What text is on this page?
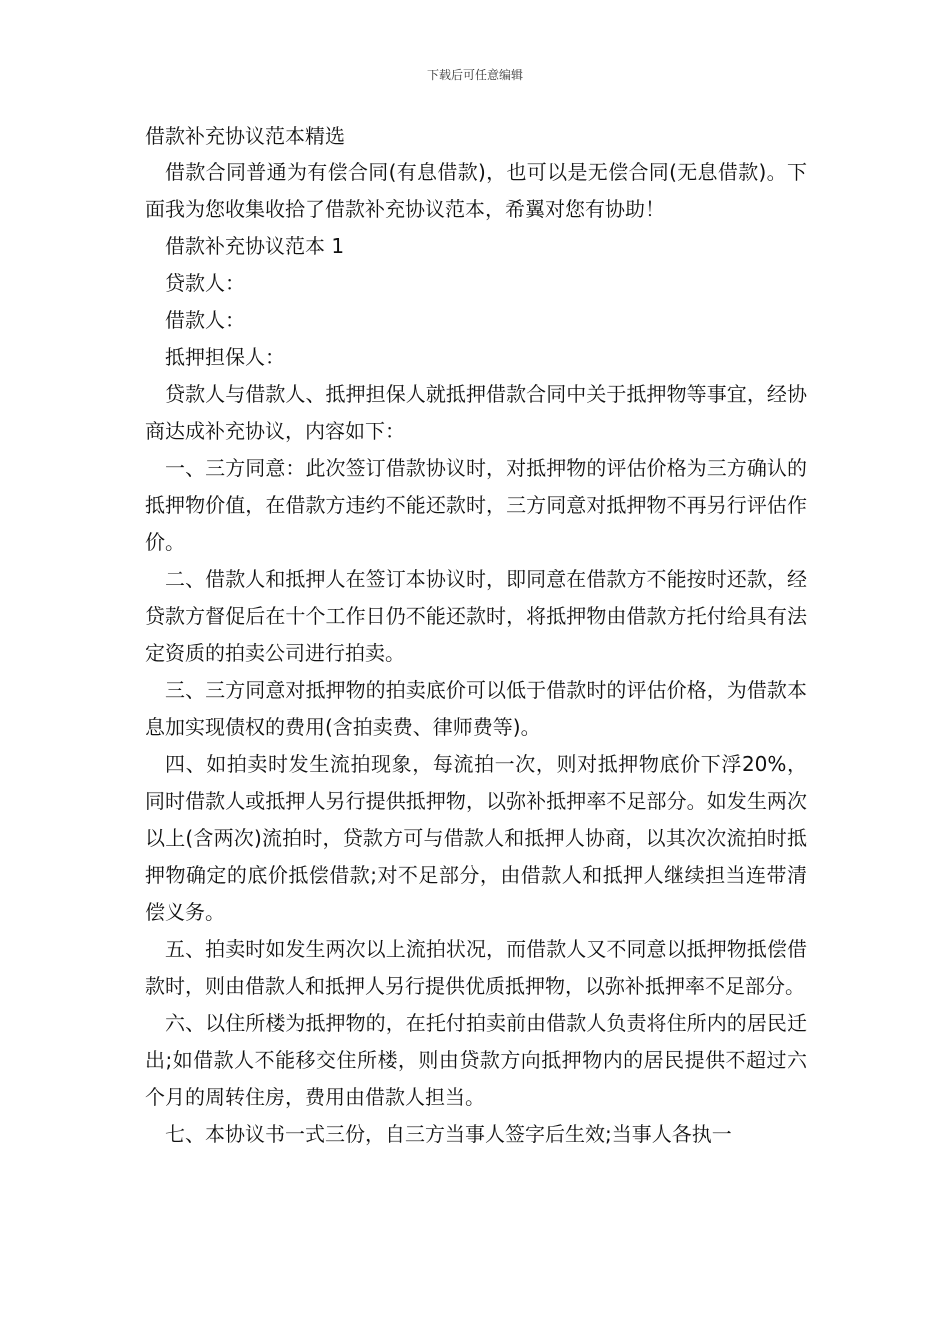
下载后可任意编辑

借款补充协议范本精选

借款合同普通为有偿合同(有息借款)，也可以是无偿合同(无息借款)。下面我为您收集收拾了借款补充协议范本，希翼对您有协助！

借款补充协议范本 1

贷款人：

借款人：

抵押担保人：

贷款人与借款人、抵押担保人就抵押借款合同中关于抵押物等事宜，经协商达成补充协议，内容如下：

一、三方同意：此次签订借款协议时，对抵押物的评估价格为三方确认的抵押物价值，在借款方违约不能还款时，三方同意对抵押物不再另行评估作价。

二、借款人和抵押人在签订本协议时，即同意在借款方不能按时还款，经贷款方督促后在十个工作日仍不能还款时，将抵押物由借款方托付给具有法定资质的拍卖公司进行拍卖。

三、三方同意对抵押物的拍卖底价可以低于借款时的评估价格，为借款本息加实现债权的费用(含拍卖费、律师费等)。

四、如拍卖时发生流拍现象，每流拍一次，则对抵押物底价下浮20%，同时借款人或抵押人另行提供抵押物，以弥补抵押率不足部分。如发生两次以上(含两次)流拍时，贷款方可与借款人和抵押人协商，以其次次流拍时抵押物确定的底价抵偿借款;对不足部分，由借款人和抵押人继续担当连带清偿义务。

五、拍卖时如发生两次以上流拍状况，而借款人又不同意以抵押物抵偿借款时，则由借款人和抵押人另行提供优质抵押物，以弥补抵押率不足部分。

六、以住所楼为抵押物的，在托付拍卖前由借款人负责将住所内的居民迁出;如借款人不能移交住所楼，则由贷款方向抵押物内的居民提供不超过六个月的周转住房，费用由借款人担当。

七、本协议书一式三份，自三方当事人签字后生效;当事人各执一
